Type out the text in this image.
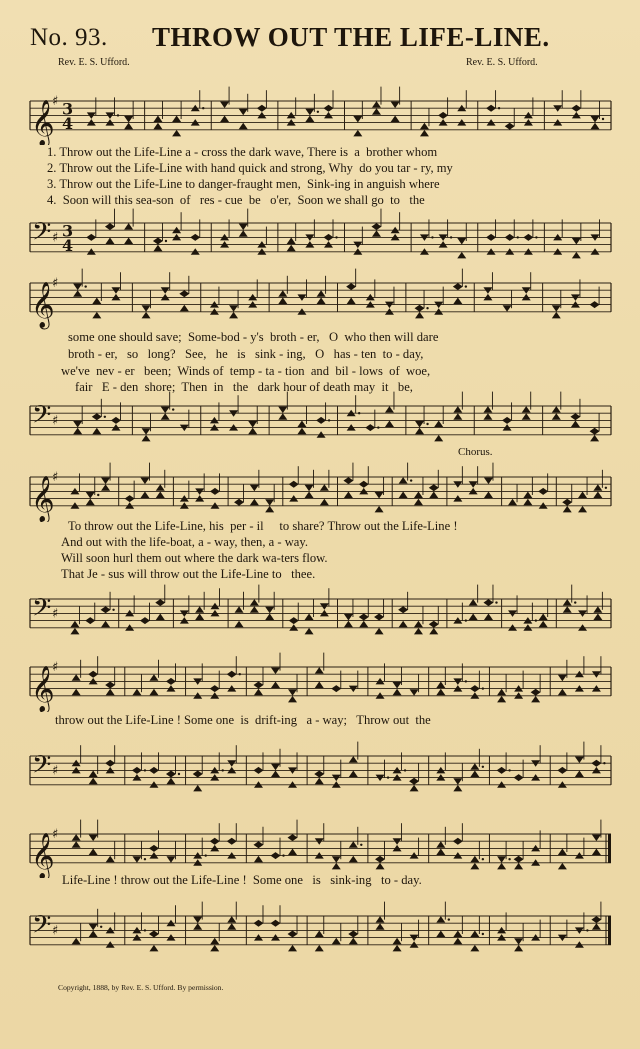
No. 93. THROW OUT THE LIFE-LINE.
Rev. E. S. Ufford.	Rev. E. S. Ufford.
𝄞
♯ 3
4
1. Throw out the Life-Line a - cross the dark wave, There is  a  brother whom
2. Throw out the Life-Line with hand quick and strong, Why  do you tar - ry, my
3. Throw out the Life-Line to danger-fraught men,  Sink-ing in anguish where
4.  Soon will this sea-son  of   res - cue  be   o'er,  Soon we shall go  to   the
𝄢 ♯ 3
4
𝄞
♯
some one should save;  Some-bod - y's  broth - er,   O  who then will dare
broth - er,   so   long?   See,   he   is   sink - ing,   O   has - ten  to - day,
we've  nev - er   been;  Winds of  temp - ta - tion  and  bil - lows  of  woe,
fair   E - den  shore;  Then  in   the   dark hour of death may  it   be,
𝄢 ♯
Chorus.
𝄞
♯
To throw out the Life-Line, his  per - il     to share? Throw out the Life-Line !
And out with the life-boat, a - way, then, a - way.
Will soon hurl them out where the dark wa-ters flow.
That Je - sus will throw out the Life-Line to   thee.
𝄢 ♯
𝄞
♯
throw out the Life-Line ! Some one  is  drift-ing   a - way;   Throw out  the
𝄢 ♯
𝄞
♯
Life-Line ! throw out the Life-Line !  Some one   is   sink-ing   to - day.
𝄢 ♯
Copyright, 1888, by Rev. E. S. Ufford. By permission.
